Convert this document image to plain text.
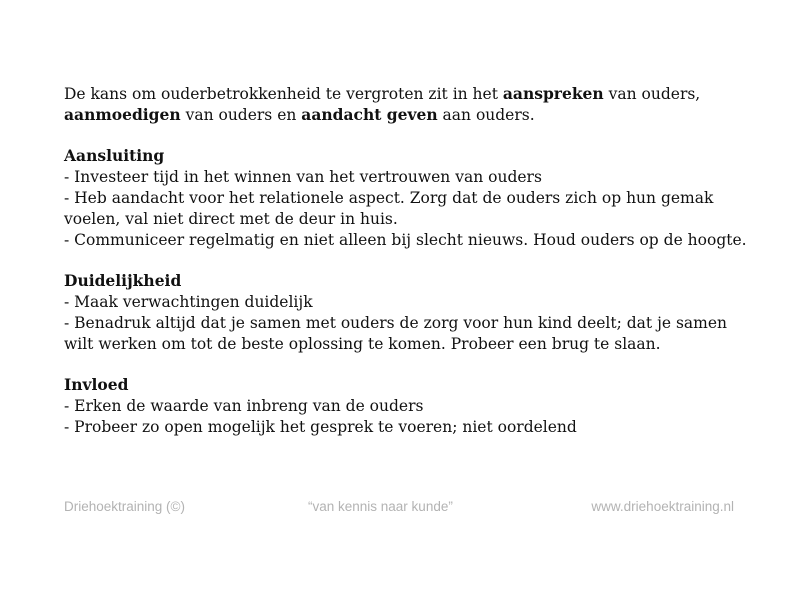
De kans om ouderbetrokkenheid te vergroten zit in het aanspreken van ouders, aanmoedigen van ouders en aandacht geven aan ouders.

Aansluiting

- Investeer tijd in het winnen van het vertrouwen van ouders

- Heb aandacht voor het relationele aspect. Zorg dat de ouders zich op hun gemak voelen, val niet direct met de deur in huis.

- Communiceer regelmatig en niet alleen bij slecht nieuws. Houd ouders op de hoogte.

Duidelijkheid

- Maak verwachtingen duidelijk

- Benadruk altijd dat je samen met ouders de zorg voor hun kind deelt; dat je samen wilt werken om tot de beste oplossing te komen. Probeer een brug te slaan.

Invloed

- Erken de waarde van inbreng van de ouders

- Probeer zo open mogelijk het gesprek te voeren; niet oordelend

Driehoektraining (©)	“van kennis naar kunde”	www.driehoektraining.nl
